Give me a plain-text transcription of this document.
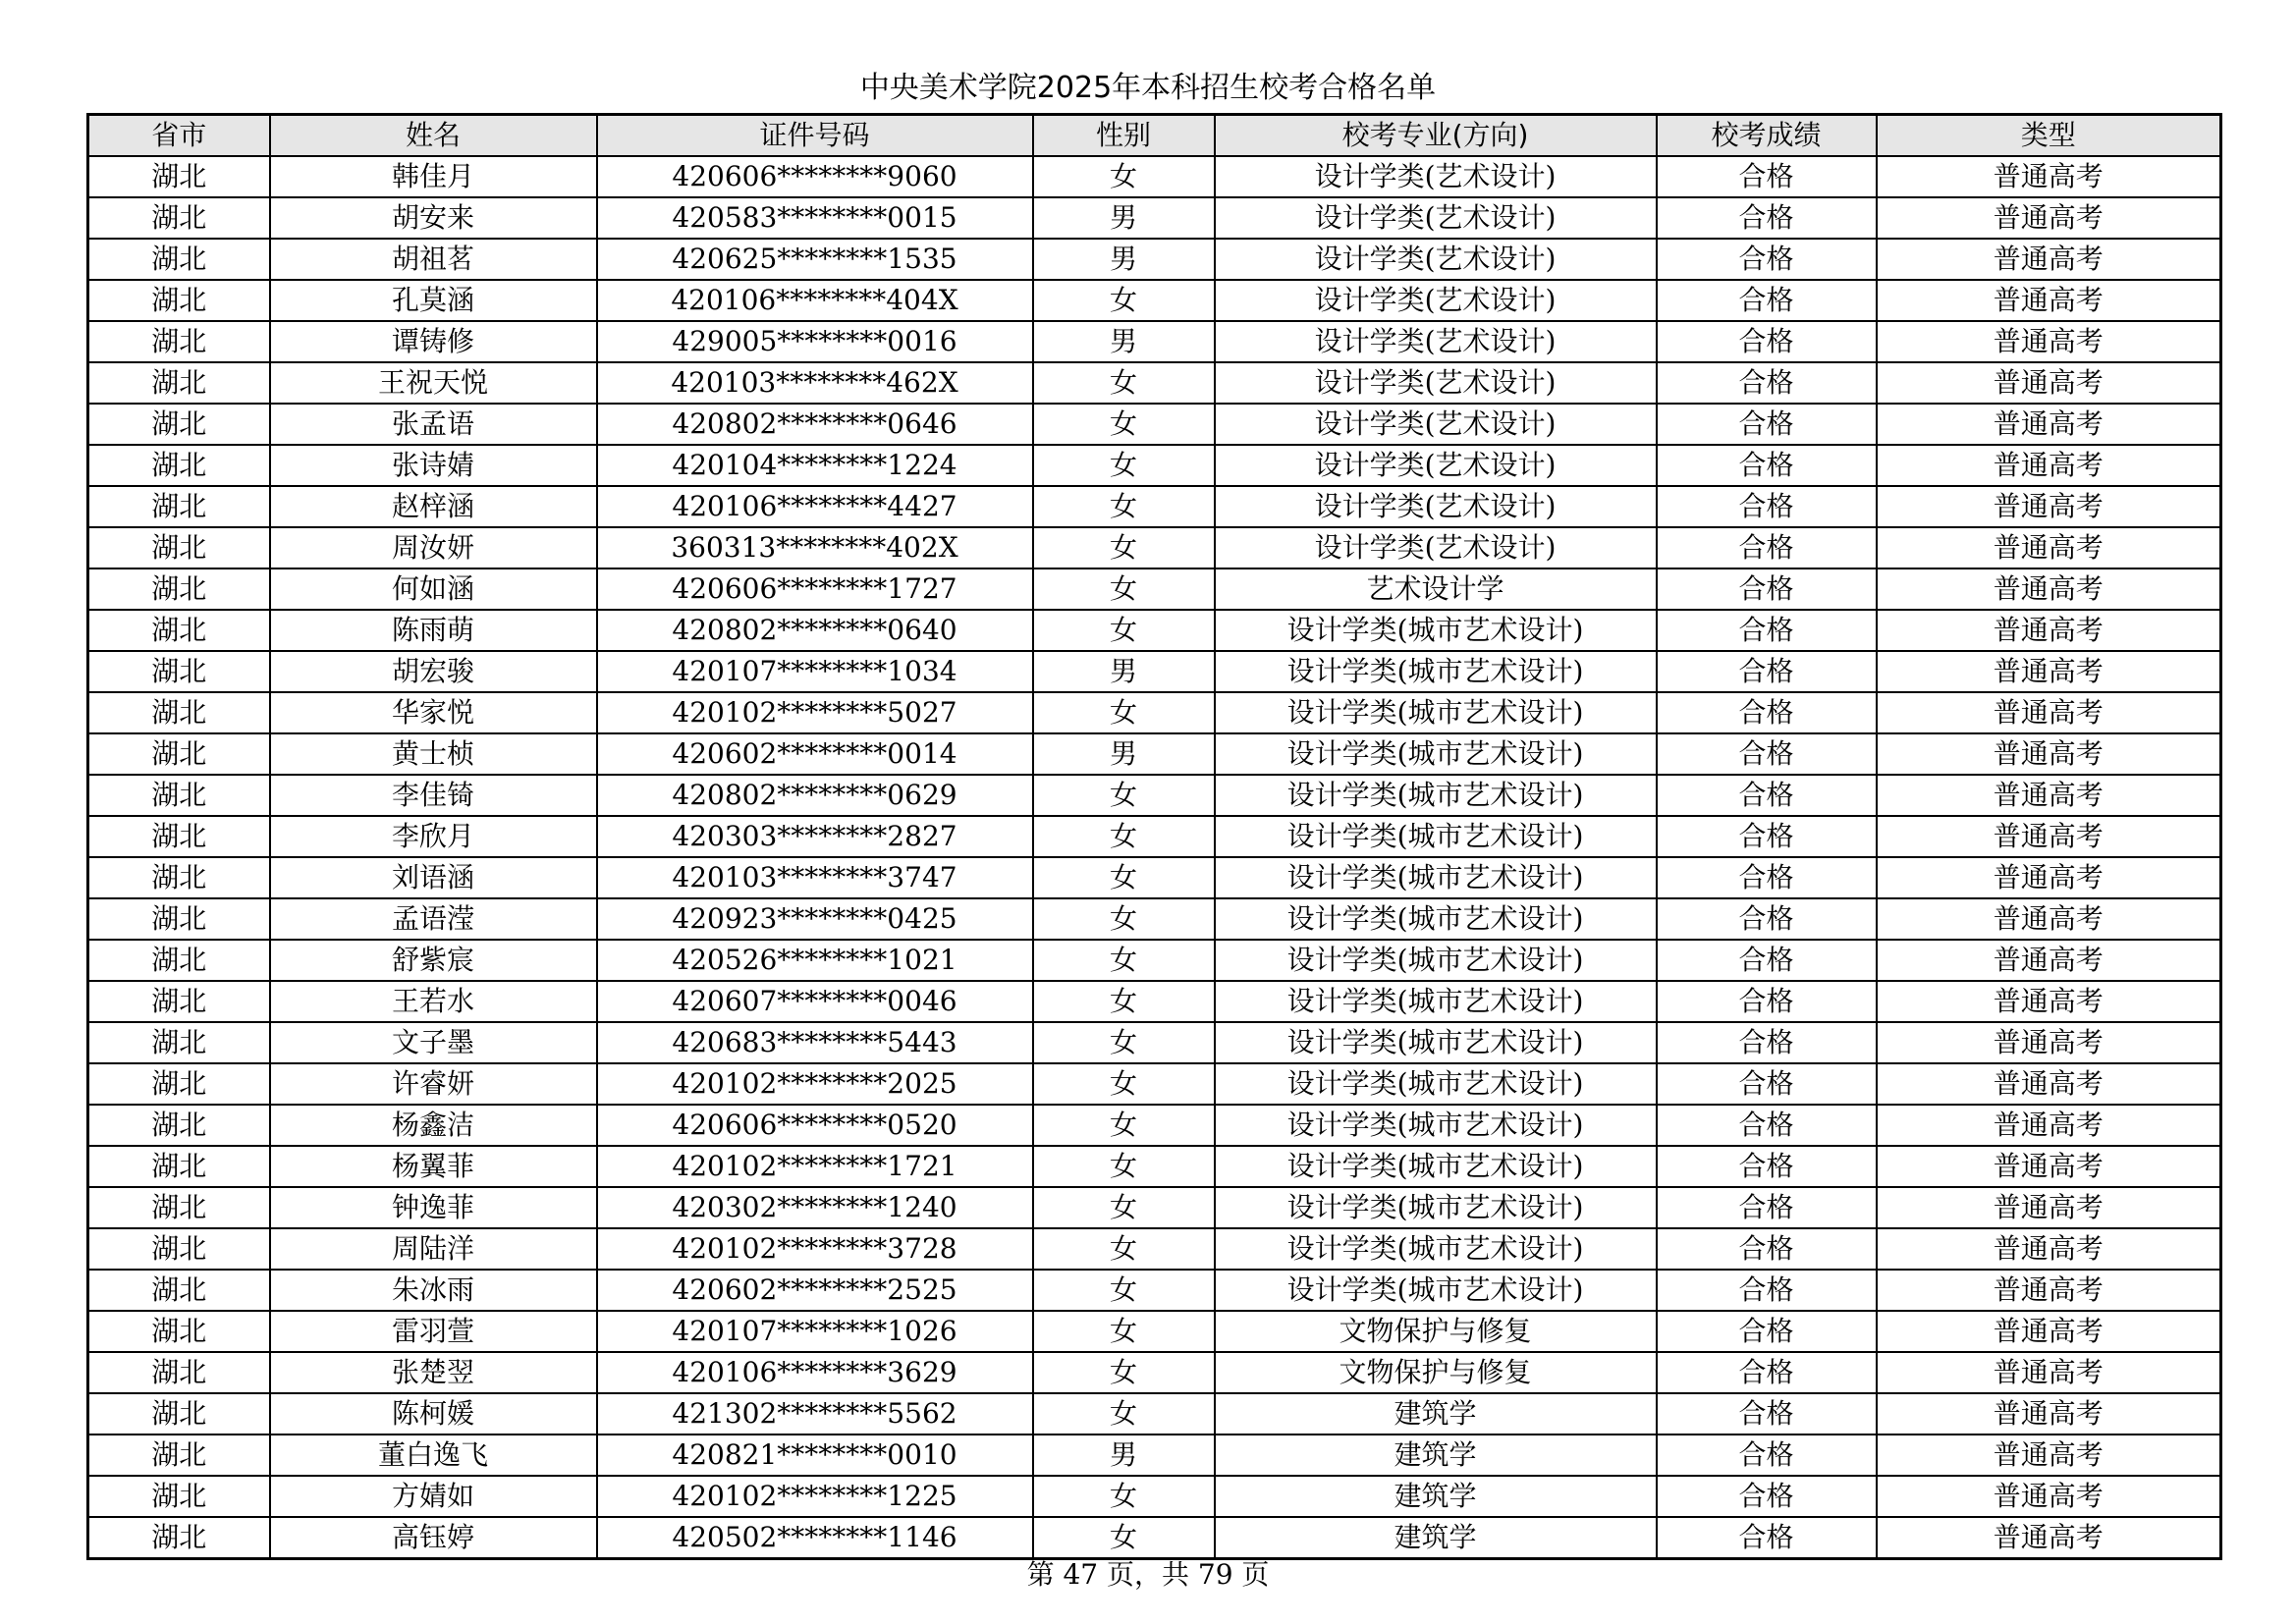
中央美术学院2025年本科招生校考合格名单
省市	姓名	证件号码	性别	校考专业(方向)	校考成绩	类型
湖北	韩佳月	420606********9060	女	设计学类(艺术设计)	合格	普通高考
湖北	胡安来	420583********0015	男	设计学类(艺术设计)	合格	普通高考
湖北	胡祖茗	420625********1535	男	设计学类(艺术设计)	合格	普通高考
湖北	孔莫涵	420106********404X	女	设计学类(艺术设计)	合格	普通高考
湖北	谭铸修	429005********0016	男	设计学类(艺术设计)	合格	普通高考
湖北	王祝天悦	420103********462X	女	设计学类(艺术设计)	合格	普通高考
湖北	张孟语	420802********0646	女	设计学类(艺术设计)	合格	普通高考
湖北	张诗婧	420104********1224	女	设计学类(艺术设计)	合格	普通高考
湖北	赵梓涵	420106********4427	女	设计学类(艺术设计)	合格	普通高考
湖北	周汝妍	360313********402X	女	设计学类(艺术设计)	合格	普通高考
湖北	何如涵	420606********1727	女	艺术设计学	合格	普通高考
湖北	陈雨萌	420802********0640	女	设计学类(城市艺术设计)	合格	普通高考
湖北	胡宏骏	420107********1034	男	设计学类(城市艺术设计)	合格	普通高考
湖北	华家悦	420102********5027	女	设计学类(城市艺术设计)	合格	普通高考
湖北	黄士桢	420602********0014	男	设计学类(城市艺术设计)	合格	普通高考
湖北	李佳锜	420802********0629	女	设计学类(城市艺术设计)	合格	普通高考
湖北	李欣月	420303********2827	女	设计学类(城市艺术设计)	合格	普通高考
湖北	刘语涵	420103********3747	女	设计学类(城市艺术设计)	合格	普通高考
湖北	孟语滢	420923********0425	女	设计学类(城市艺术设计)	合格	普通高考
湖北	舒紫宸	420526********1021	女	设计学类(城市艺术设计)	合格	普通高考
湖北	王若水	420607********0046	女	设计学类(城市艺术设计)	合格	普通高考
湖北	文子墨	420683********5443	女	设计学类(城市艺术设计)	合格	普通高考
湖北	许睿妍	420102********2025	女	设计学类(城市艺术设计)	合格	普通高考
湖北	杨鑫洁	420606********0520	女	设计学类(城市艺术设计)	合格	普通高考
湖北	杨翼菲	420102********1721	女	设计学类(城市艺术设计)	合格	普通高考
湖北	钟逸菲	420302********1240	女	设计学类(城市艺术设计)	合格	普通高考
湖北	周陆洋	420102********3728	女	设计学类(城市艺术设计)	合格	普通高考
湖北	朱冰雨	420602********2525	女	设计学类(城市艺术设计)	合格	普通高考
湖北	雷羽萱	420107********1026	女	文物保护与修复	合格	普通高考
湖北	张楚翌	420106********3629	女	文物保护与修复	合格	普通高考
湖北	陈柯媛	421302********5562	女	建筑学	合格	普通高考
湖北	董白逸飞	420821********0010	男	建筑学	合格	普通高考
湖北	方婧如	420102********1225	女	建筑学	合格	普通高考
湖北	高钰婷	420502********1146	女	建筑学	合格	普通高考
第 47 页，共 79 页
